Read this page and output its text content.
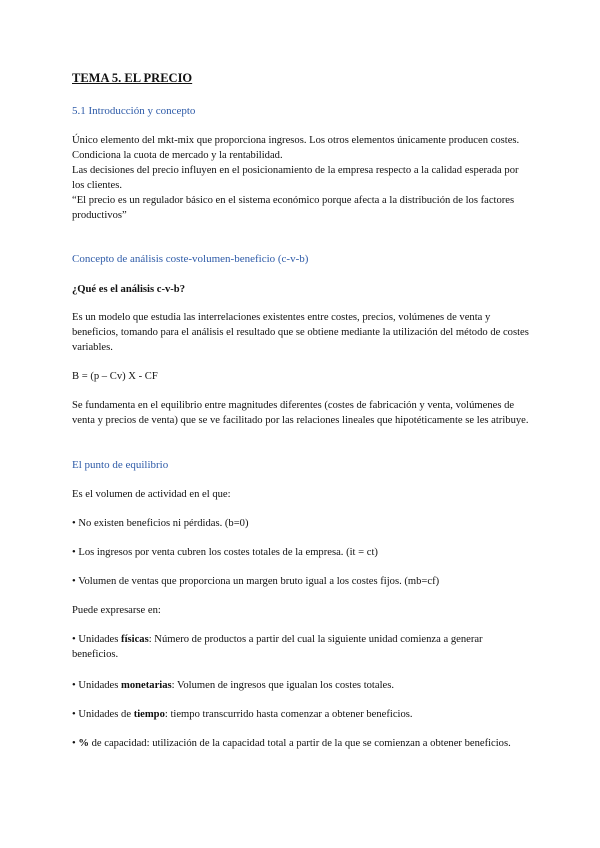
TEMA 5. EL PRECIO
5.1 Introducción y concepto

Único elemento del mkt-mix que proporciona ingresos. Los otros elementos únicamente producen costes.
Condiciona la cuota de mercado y la rentabilidad.
Las decisiones del precio influyen en el posicionamiento de la empresa respecto a la calidad esperada por los clientes.
“El precio es un regulador básico en el sistema económico porque afecta a la distribución de los factores productivos”

Concepto de análisis coste-volumen-beneficio (c-v-b)
¿Qué es el análisis c-v-b?

Es un modelo que estudia las interrelaciones existentes entre costes, precios, volúmenes de venta y beneficios, tomando para el análisis el resultado que se obtiene mediante la utilización del método de costes variables.

B = (p – Cv) X - CF

Se fundamenta en el equilibrio entre magnitudes diferentes (costes de fabricación y venta, volúmenes de venta y precios de venta) que se ve facilitado por las relaciones lineales que hipotéticamente se les atribuye.

El punto de equilibrio

Es el volumen de actividad en el que:

• No existen beneficios ni pérdidas. (b=0)

• Los ingresos por venta cubren los costes totales de la empresa. (it = ct)

• Volumen de ventas que proporciona un margen bruto igual a los costes fijos. (mb=cf)

Puede expresarse en:

• Unidades físicas: Número de productos a partir del cual la siguiente unidad comienza a generar beneficios.

• Unidades monetarias: Volumen de ingresos que igualan los costes totales.

• Unidades de tiempo: tiempo transcurrido hasta comenzar a obtener beneficios.

• % de capacidad: utilización de la capacidad total a partir de la que se comienzan a obtener beneficios.
